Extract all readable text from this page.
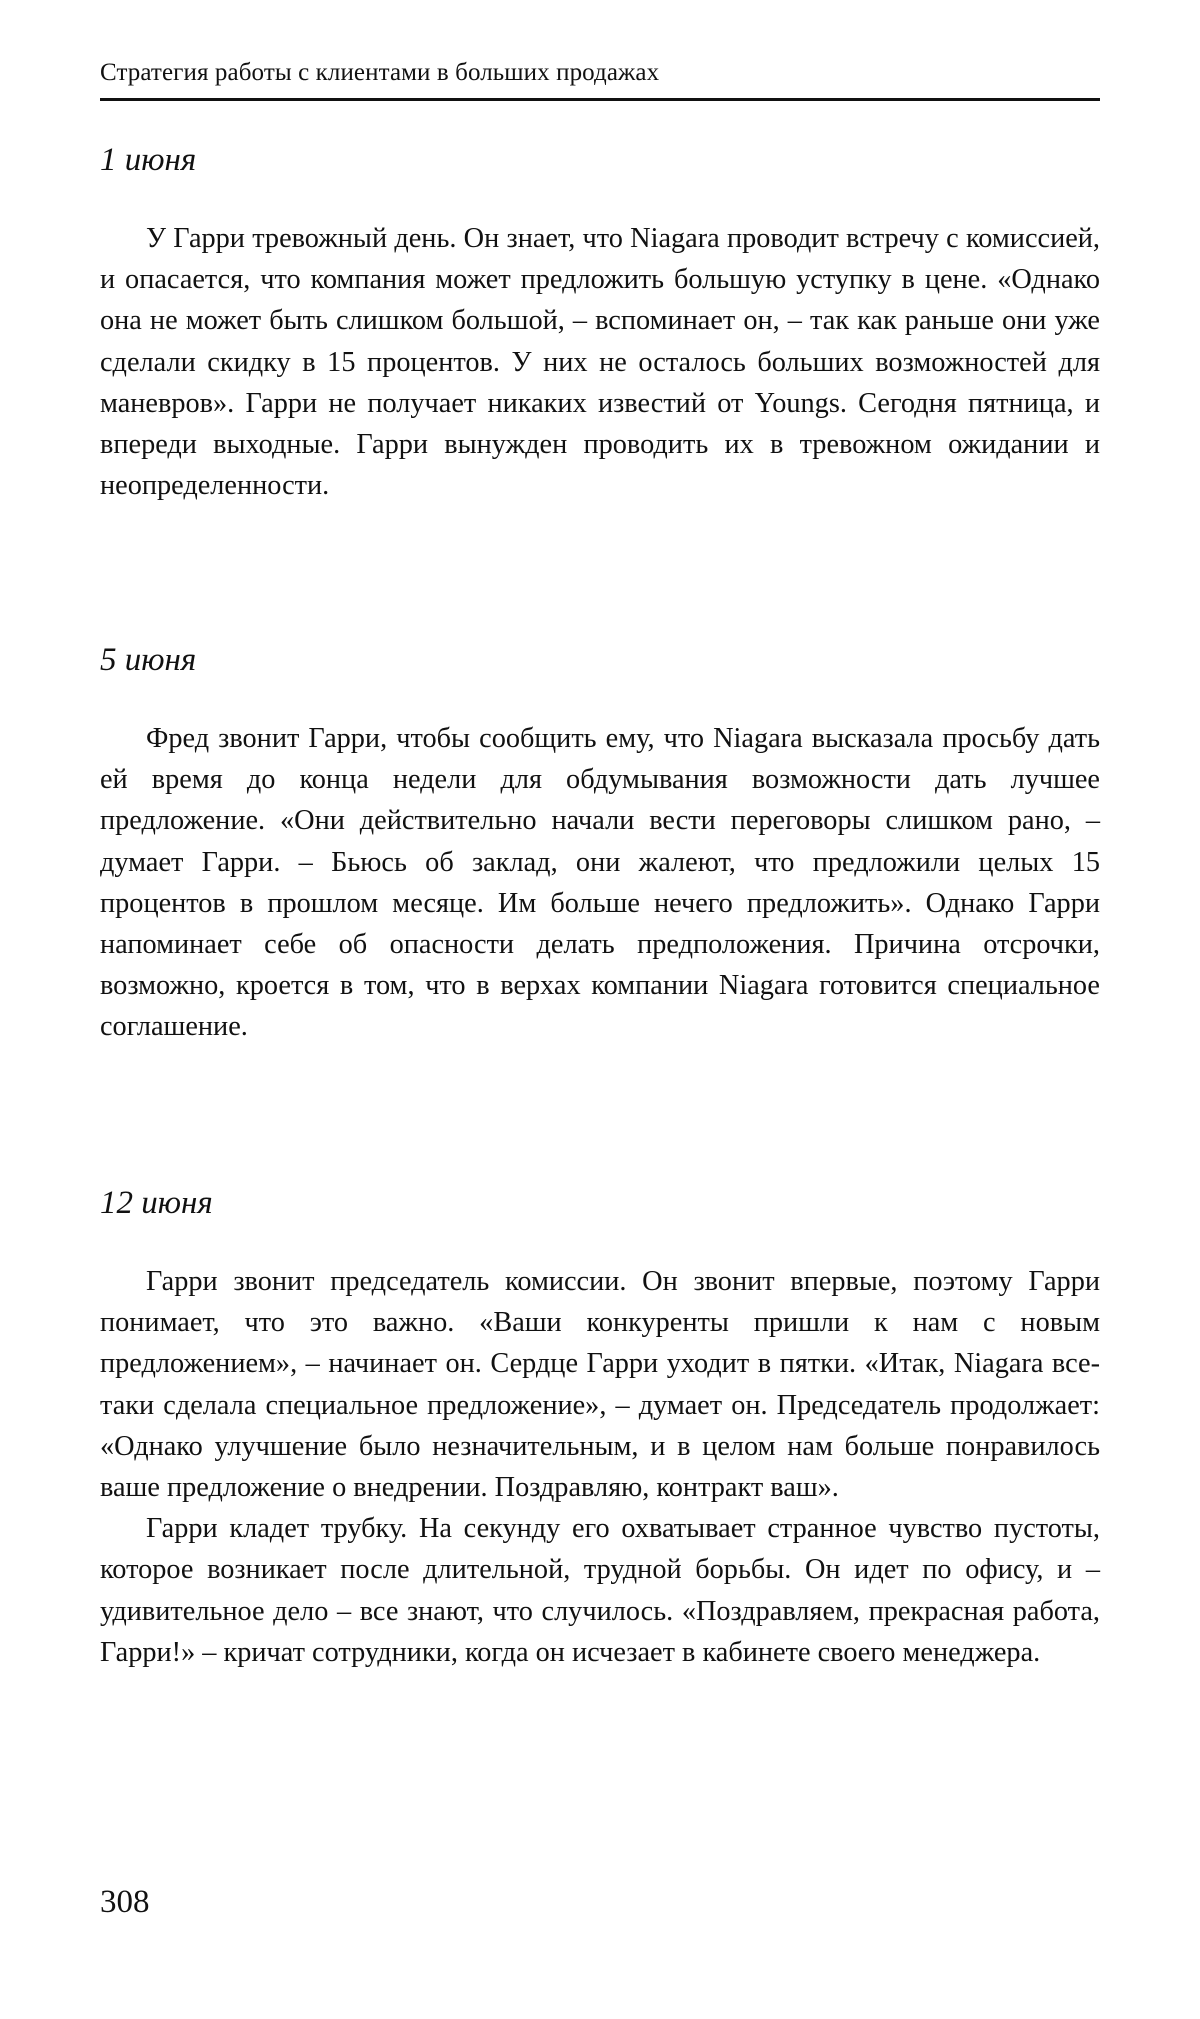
Стратегия работы с клиентами в больших продажах
1 июня

У Гарри тревожный день. Он знает, что Niagara проводит встречу с комиссией, и опасается, что компания может предложить большую уступку в цене. «Однако она не может быть слишком большой, – вспоминает он, – так как раньше они уже сделали скидку в 15 процентов. У них не осталось больших возможностей для маневров». Гарри не получает никаких известий от Youngs. Сегодня пятница, и впереди выходные. Гарри вынужден проводить их в тревожном ожидании и неопределенности.

5 июня

Фред звонит Гарри, чтобы сообщить ему, что Niagara высказала просьбу дать ей время до конца недели для обдумывания возможности дать лучшее предложение. «Они действительно начали вести переговоры слишком рано, – думает Гарри. – Бьюсь об заклад, они жалеют, что предложили целых 15 процентов в прошлом месяце. Им больше нечего предложить». Однако Гарри напоминает себе об опасности делать предположения. Причина отсрочки, возможно, кроется в том, что в верхах компании Niagara готовится специальное соглашение.

12 июня

Гарри звонит председатель комиссии. Он звонит впервые, поэтому Гарри понимает, что это важно. «Ваши конкуренты пришли к нам с новым предложением», – начинает он. Сердце Гарри уходит в пятки. «Итак, Niagara все-таки сделала специальное предложение», – думает он. Председатель продолжает: «Однако улучшение было незначительным, и в целом нам больше понравилось ваше предложение о внедрении. Поздравляю, контракт ваш».

Гарри кладет трубку. На секунду его охватывает странное чувство пустоты, которое возникает после длительной, трудной борьбы. Он идет по офису, и – удивительное дело – все знают, что случилось. «Поздравляем, прекрасная работа, Гарри!» – кричат сотрудники, когда он исчезает в кабинете своего менеджера.

308
